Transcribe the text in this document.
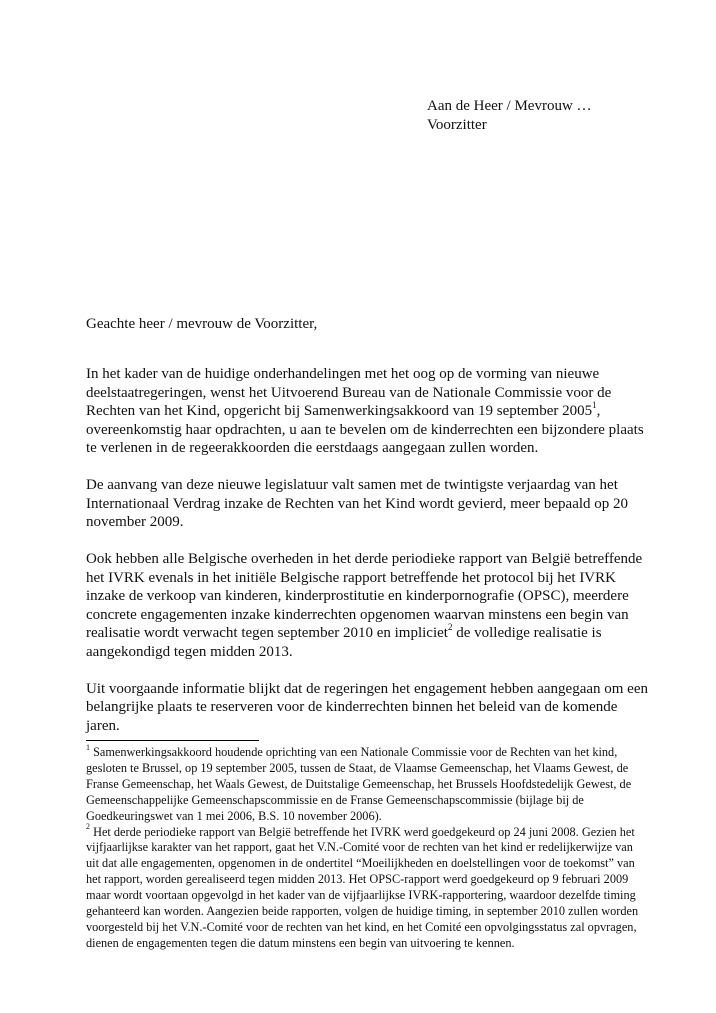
Aan de Heer / Mevrouw …
Voorzitter
Geachte heer / mevrouw de Voorzitter,

In het kader van de huidige onderhandelingen met het oog op de vorming van nieuwe
deelstaatregeringen, wenst het Uitvoerend Bureau van de Nationale Commissie voor de
Rechten van het Kind, opgericht bij Samenwerkingsakkoord van 19 september 2005$^1$,
overeenkomstig haar opdrachten, u aan te bevelen om de kinderrechten een bijzondere plaats
te verlenen in de regeerakkoorden die eerstdaags aangegaan zullen worden.

De aanvang van deze nieuwe legislatuur valt samen met de twintigste verjaardag van het
Internationaal Verdrag inzake de Rechten van het Kind wordt gevierd, meer bepaald op 20
november 2009.

Ook hebben alle Belgische overheden in het derde periodieke rapport van België betreffende
het IVRK evenals in het initiële Belgische rapport betreffende het protocol bij het IVRK
inzake de verkoop van kinderen, kinderprostitutie en kinderpornografie (OPSC), meerdere
concrete engagementen inzake kinderrechten opgenomen waarvan minstens een begin van
realisatie wordt verwacht tegen september 2010 en impliciet$^2$ de volledige realisatie is
aangekondigd tegen midden 2013.

Uit voorgaande informatie blijkt dat de regeringen het engagement hebben aangegaan om een
belangrijke plaats te reserveren voor de kinderrechten binnen het beleid van de komende
jaren.

$^1$ Samenwerkingsakkoord houdende oprichting van een Nationale Commissie voor de Rechten van het kind,
gesloten te Brussel, op 19 september 2005, tussen de Staat, de Vlaamse Gemeenschap, het Vlaams Gewest, de
Franse Gemeenschap, het Waals Gewest, de Duitstalige Gemeenschap, het Brussels Hoofdstedelijk Gewest, de
Gemeenschappelijke Gemeenschapscommissie en de Franse Gemeenschapscommissie (bijlage bij de
Goedkeuringswet van 1 mei 2006, B.S. 10 november 2006).
$^2$ Het derde periodieke rapport van België betreffende het IVRK werd goedgekeurd op 24 juni 2008. Gezien het
vijfjaarlijkse karakter van het rapport, gaat het V.N.-Comité voor de rechten van het kind er redelijkerwijze van
uit dat alle engagementen, opgenomen in de ondertitel “Moeilijkheden en doelstellingen voor de toekomst” van
het rapport, worden gerealiseerd tegen midden 2013. Het OPSC-rapport werd goedgekeurd op 9 februari 2009
maar wordt voortaan opgevolgd in het kader van de vijfjaarlijkse IVRK-rapportering, waardoor dezelfde timing
gehanteerd kan worden. Aangezien beide rapporten, volgen de huidige timing, in september 2010 zullen worden
voorgesteld bij het V.N.-Comité voor de rechten van het kind, en het Comité een opvolgingsstatus zal opvragen,
dienen de engagementen tegen die datum minstens een begin van uitvoering te kennen.
